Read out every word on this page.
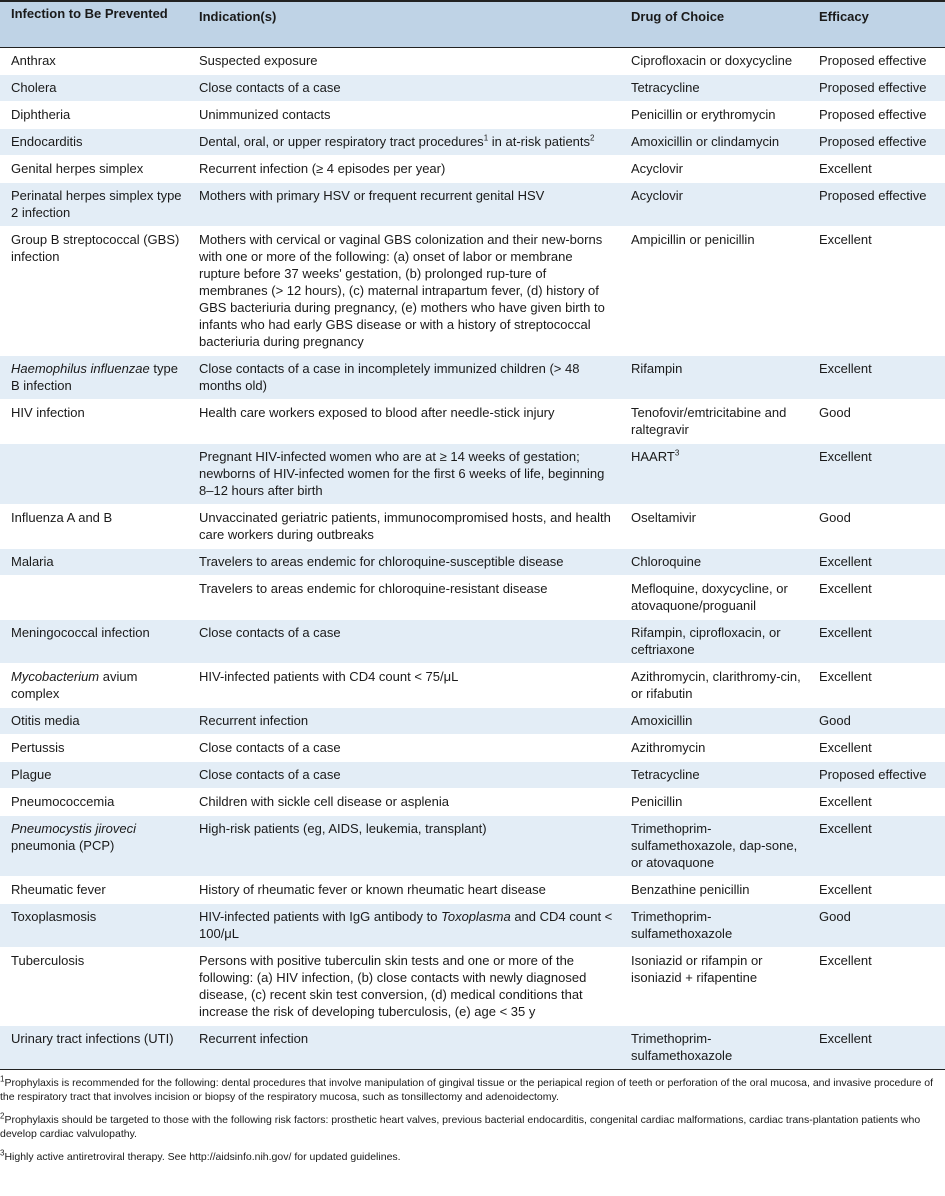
Infection to Be Prevented	Indication(s)	Drug of Choice	Efficacy
Anthrax	Suspected exposure	Ciprofloxacin or doxycycline	Proposed effective
Cholera	Close contacts of a case	Tetracycline	Proposed effective
Diphtheria	Unimmunized contacts	Penicillin or erythromycin	Proposed effective
Endocarditis	Dental, oral, or upper respiratory tract procedures$^1$ in at-risk patients$^2$	Amoxicillin or clindamycin	Proposed effective
Genital herpes simplex	Recurrent infection (≥ 4 episodes per year)	Acyclovir	Excellent
Perinatal herpes simplex type 2 infection	Mothers with primary HSV or frequent recurrent genital HSV	Acyclovir	Proposed effective
Group B streptococcal (GBS) infection	Mothers with cervical or vaginal GBS colonization and their new-borns with one or more of the following: (a) onset of labor or membrane rupture before 37 weeks' gestation, (b) prolonged rup-ture of membranes (> 12 hours), (c) maternal intrapartum fever, (d) history of GBS bacteriuria during pregnancy, (e) mothers who have given birth to infants who had early GBS disease or with a history of streptococcal bacteriuria during pregnancy	Ampicillin or penicillin	Excellent
Haemophilus influenzae type B infection	Close contacts of a case in incompletely immunized children (> 48 months old)	Rifampin	Excellent
HIV infection	Health care workers exposed to blood after needle-stick injury	Tenofovir/emtricitabine and raltegravir	Good
	Pregnant HIV-infected women who are at ≥ 14 weeks of gestation; newborns of HIV-infected women for the first 6 weeks of life, beginning 8–12 hours after birth	HAART$^3$	Excellent
Influenza A and B	Unvaccinated geriatric patients, immunocompromised hosts, and health care workers during outbreaks	Oseltamivir	Good
Malaria	Travelers to areas endemic for chloroquine-susceptible disease	Chloroquine	Excellent
	Travelers to areas endemic for chloroquine-resistant disease	Mefloquine, doxycycline, or atovaquone/proguanil	Excellent
Meningococcal infection	Close contacts of a case	Rifampin, ciprofloxacin, or ceftriaxone	Excellent
Mycobacterium avium complex	HIV-infected patients with CD4 count < 75/μL	Azithromycin, clarithromy-cin, or rifabutin	Excellent
Otitis media	Recurrent infection	Amoxicillin	Good
Pertussis	Close contacts of a case	Azithromycin	Excellent
Plague	Close contacts of a case	Tetracycline	Proposed effective
Pneumococcemia	Children with sickle cell disease or asplenia	Penicillin	Excellent
Pneumocystis jiroveci pneumonia (PCP)	High-risk patients (eg, AIDS, leukemia, transplant)	Trimethoprim-sulfamethoxazole, dap-sone, or atovaquone	Excellent
Rheumatic fever	History of rheumatic fever or known rheumatic heart disease	Benzathine penicillin	Excellent
Toxoplasmosis	HIV-infected patients with IgG antibody to Toxoplasma and CD4 count < 100/μL	Trimethoprim-sulfamethoxazole	Good
Tuberculosis	Persons with positive tuberculin skin tests and one or more of the following: (a) HIV infection, (b) close contacts with newly diagnosed disease, (c) recent skin test conversion, (d) medical conditions that increase the risk of developing tuberculosis, (e) age < 35 y	Isoniazid or rifampin or isoniazid + rifapentine	Excellent
Urinary tract infections (UTI)	Recurrent infection	Trimethoprim-sulfamethoxazole	Excellent

$^1$Prophylaxis is recommended for the following: dental procedures that involve manipulation of gingival tissue or the periapical region of teeth or perforation of the oral mucosa, and invasive procedure of the respiratory tract that involves incision or biopsy of the respiratory mucosa, such as tonsillectomy and adenoidectomy.

$^2$Prophylaxis should be targeted to those with the following risk factors: prosthetic heart valves, previous bacterial endocarditis, congenital cardiac malformations, cardiac trans-plantation patients who develop cardiac valvulopathy.

$^3$Highly active antiretroviral therapy. See http://aidsinfo.nih.gov/ for updated guidelines.
